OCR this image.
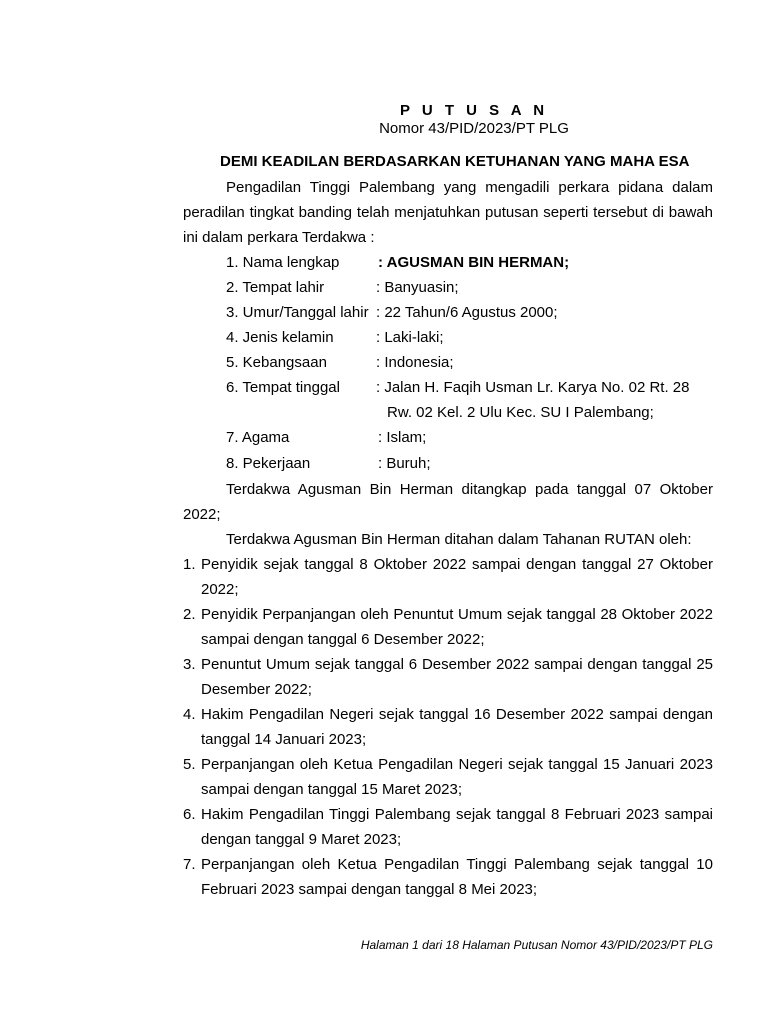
P U T U S A N
Nomor 43/PID/2023/PT PLG
DEMI KEADILAN BERDASARKAN KETUHANAN YANG MAHA ESA
Pengadilan Tinggi Palembang yang mengadili perkara pidana dalam peradilan tingkat banding telah menjatuhkan putusan seperti tersebut di bawah ini dalam perkara Terdakwa :
1. Nama lengkap	: AGUSMAN BIN HERMAN;
2. Tempat lahir	: Banyuasin;
3. Umur/Tanggal lahir : 22 Tahun/6 Agustus 2000;
4. Jenis kelamin	: Laki-laki;
5. Kebangsaan	: Indonesia;
6. Tempat tinggal : Jalan H. Faqih Usman Lr. Karya No. 02 Rt. 28
Rw. 02 Kel. 2 Ulu Kec. SU I Palembang;
7. Agama	: Islam;
8. Pekerjaan	: Buruh;
Terdakwa Agusman Bin Herman ditangkap pada tanggal 07 Oktober 2022;
Terdakwa Agusman Bin Herman ditahan dalam Tahanan RUTAN oleh:
1. Penyidik sejak tanggal 8 Oktober 2022 sampai dengan tanggal 27 Oktober 2022;
2. Penyidik Perpanjangan oleh Penuntut Umum sejak tanggal 28 Oktober 2022 sampai dengan tanggal 6 Desember 2022;
3. Penuntut Umum sejak tanggal 6 Desember 2022 sampai dengan tanggal 25 Desember 2022;
4. Hakim Pengadilan Negeri sejak tanggal 16 Desember 2022 sampai dengan tanggal 14 Januari 2023;
5. Perpanjangan oleh Ketua Pengadilan Negeri sejak tanggal 15 Januari 2023 sampai dengan tanggal 15 Maret 2023;
6. Hakim Pengadilan Tinggi Palembang sejak tanggal 8 Februari 2023 sampai dengan tanggal 9 Maret 2023;
7. Perpanjangan oleh Ketua Pengadilan Tinggi Palembang sejak tanggal 10 Februari 2023 sampai dengan tanggal 8 Mei 2023;
Halaman 1 dari 18 Halaman Putusan Nomor 43/PID/2023/PT PLG
